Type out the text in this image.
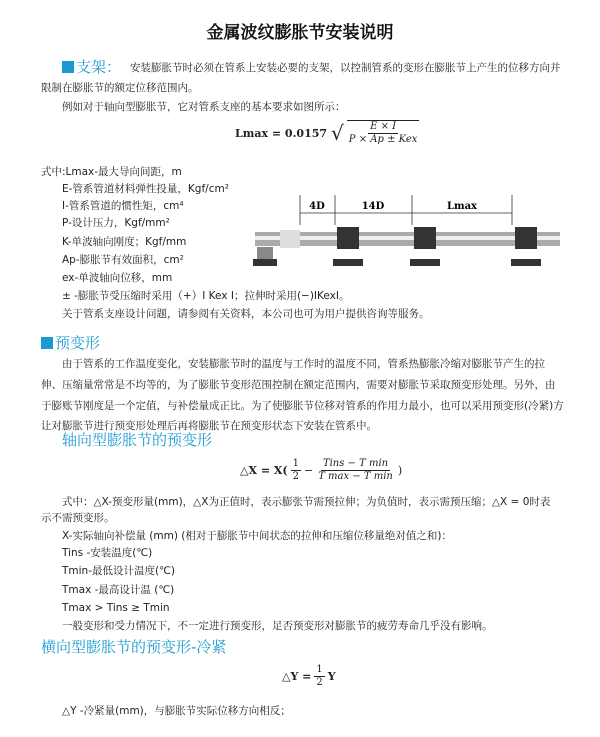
金属波纹膨胀节安装说明
支架： 安装膨胀节时必须在管系上安装必要的支架，以控制管系的变形在膨胀节上产生的位移方向并
限制在膨胀节的额定位移范围内。
例如对于轴向型膨胀节，它对管系支座的基本要求如图所示：
Lmax = 0.0157 √ $\frac{E \times I}{\text{P × Ap ± Kex}}$
式中:Lmax-最大导向间距，m
E-管系管道材料弹性投量，Kgf/cm²
I-管系管道的惯性矩，cm⁴
P-设计压力，Kgf/mm²
K-单波轴向刚度；Kgf/mm
Ap-膨胀节有效面积，cm²
ex-单波轴向位移，mm
± -膨胀节受压缩时采用（+）I Kex I；拉伸时采用(−)IKexI。
关于管系支座设计问题，请参阅有关资料，本公司也可为用户提供咨询等服务。
4D	14D	Lmax
预变形
由于管系的工作温度变化，安装膨胀节时的温度与工作时的温度不同，管系热膨胀冷缩对膨胀节产生的拉
伸、压缩量常常是不均等的，为了膨胀节变形范围控制在额定范围内，需要对膨胀节采取预变形处理。另外，由
于膨账节刚度是一个定值，与补偿量成正比。为了使膨胀节位移对管系的作用力最小，也可以采用预变形(冷紧)方
让对膨胀节进行预变形处理后再将膨胀节在预变形状态下安装在管系中。
轴向型膨胀节的预变形
△X = $X( \frac{1}{2} - \frac{\text{Tins − T min}}{\text{T max − T min}}$ )
式中：△X-预变形量(mm)，△X为正值时，表示膨张节需预拉伸；为负值时，表示需预压缩；△X = 0时表
示不需预变形。
X-实际轴向补偿量 (mm) (相对于膨胀节中间状态的拉伸和压缩位移量绝对值之和)：
Tins -安装温度(℃)
Tmin-最低设计温度(℃)
Tmax -最高设计温 (℃)
Tmax > Tins ≥ Tmin
一般变形和受力情况下，不一定进行预变形，足否预变形对膨胀节的疲劳寿命几乎没有影响。
横向型膨胀节的预变形-冷紧
△Y = $\frac{1}{2}$ Y
△Y -冷紧量(mm)，与膨胀节实际位移方向相反；
